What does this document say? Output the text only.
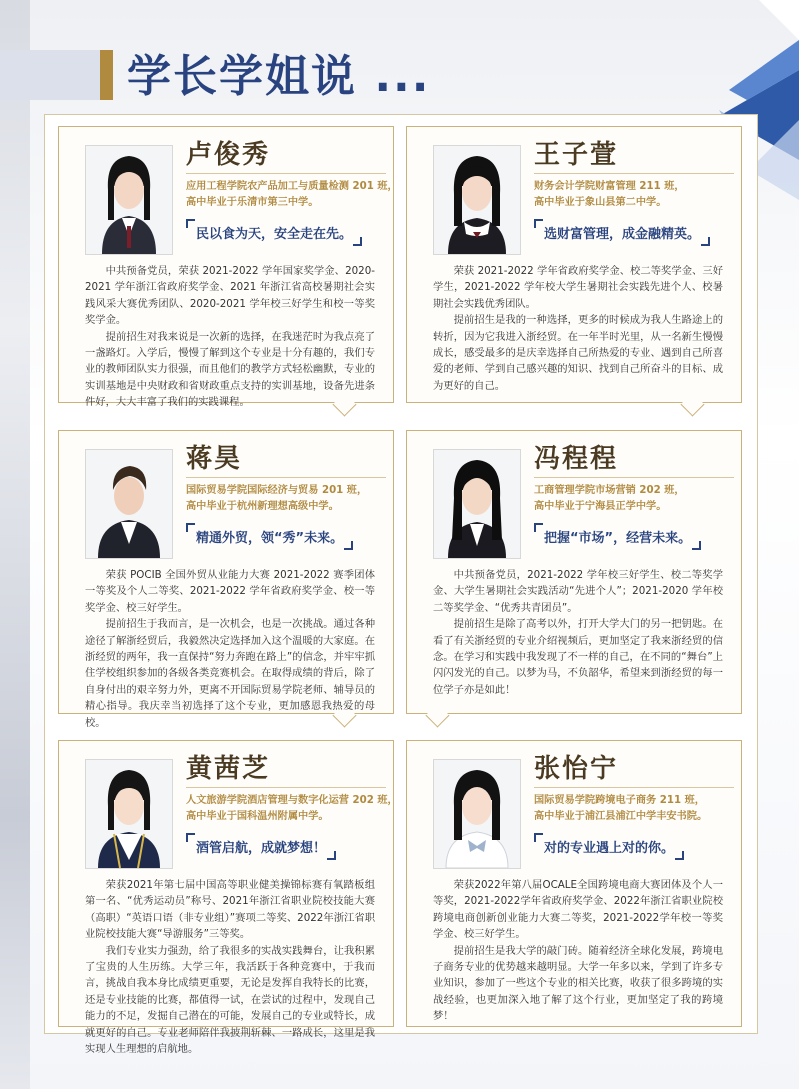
学长学姐说 ...
卢俊秀
应用工程学院农产品加工与质量检测 201 班，
高中毕业于乐清市第三中学。
民以食为天，安全走在先。

中共预备党员，荣获 2021-2022 学年国家奖学金、2020-2021 学年浙江省政府奖学金、2021 年浙江省高校暑期社会实践风采大赛优秀团队、2020-2021 学年校三好学生和校一等奖奖学金。

提前招生对我来说是一次新的选择，在我迷茫时为我点亮了一盏路灯。入学后，慢慢了解到这个专业是十分有趣的，我们专业的教师团队实力很强，而且他们的教学方式轻松幽默，专业的实训基地是中央财政和省财政重点支持的实训基地，设备先进条件好，大大丰富了我们的实践课程。

王子萱
财务会计学院财富管理 211 班，
高中毕业于象山县第二中学。
选财富管理，成金融精英。

荣获 2021-2022 学年省政府奖学金、校二等奖学金、三好学生，2021-2022 学年校大学生暑期社会实践先进个人、校暑期社会实践优秀团队。

提前招生是我的一种选择，更多的时候成为我人生路途上的转折，因为它我进入浙经贸。在一年半时光里，从一名新生慢慢成长，感受最多的是庆幸选择自己所热爱的专业、遇到自己所喜爱的老师、学到自己感兴趣的知识、找到自己所奋斗的目标、成为更好的自己。

蒋昊
国际贸易学院国际经济与贸易 201 班，
高中毕业于杭州新理想高级中学。
精通外贸，领“秀”未来。

荣获 POCIB 全国外贸从业能力大赛 2021-2022 赛季团体一等奖及个人二等奖、2021-2022 学年省政府奖学金、校一等奖学金、校三好学生。

提前招生于我而言，是一次机会，也是一次挑战。通过各种途径了解浙经贸后，我毅然决定选择加入这个温暖的大家庭。在浙经贸的两年，我一直保持“努力奔跑在路上”的信念，并牢牢抓住学校组织参加的各级各类竞赛机会。在取得成绩的背后，除了自身付出的艰辛努力外，更离不开国际贸易学院老师、辅导员的精心指导。我庆幸当初选择了这个专业，更加感恩我热爱的母校。

冯程程
工商管理学院市场营销 202 班，
高中毕业于宁海县正学中学。
把握“市场”，经营未来。

中共预备党员，2021-2022 学年校三好学生、校二等奖学金、大学生暑期社会实践活动“先进个人”；2021-2020 学年校二等奖学金、“优秀共青团员”。

提前招生是除了高考以外，打开大学大门的另一把钥匙。在看了有关浙经贸的专业介绍视频后，更加坚定了我来浙经贸的信念。在学习和实践中我发现了不一样的自己，在不同的“舞台”上闪闪发光的自己。以梦为马，不负韶华，希望来到浙经贸的每一位学子亦是如此！

黄茜芝
人文旅游学院酒店管理与数字化运营 202 班，
高中毕业于国科温州附属中学。
酒管启航，成就梦想！

荣获2021年第七届中国高等职业健美操锦标赛有氧踏板组第一名、“优秀运动员”称号、2021年浙江省职业院校技能大赛（高职）“英语口语（非专业组）”赛项二等奖、2022年浙江省职业院校技能大赛“导游服务”三等奖。

我们专业实力强劲，给了我很多的实战实践舞台，让我积累了宝贵的人生历练。大学三年，我活跃于各种竞赛中，于我而言，挑战自我本身比成绩更重要，无论是发挥自我特长的比赛，还是专业技能的比赛，都值得一试，在尝试的过程中，发现自己能力的不足，发掘自己潜在的可能，发展自己的专业或特长，成就更好的自己。专业老师陪伴我披荆斩棘、一路成长，这里是我实现人生理想的启航地。

张怡宁
国际贸易学院跨境电子商务 211 班，
高中毕业于浦江县浦江中学丰安书院。
对的专业遇上对的你。

荣获2022年第八届OCALE全国跨境电商大赛团体及个人一等奖，2021-2022学年省政府奖学金、2022年浙江省职业院校跨境电商创新创业能力大赛二等奖，2021-2022学年校一等奖学金、校三好学生。

提前招生是我大学的敲门砖。随着经济全球化发展，跨境电子商务专业的优势越来越明显。大学一年多以来，学到了许多专业知识，参加了一些这个专业的相关比赛，收获了很多跨境的实战经验，也更加深入地了解了这个行业，更加坚定了我的跨境梦！
